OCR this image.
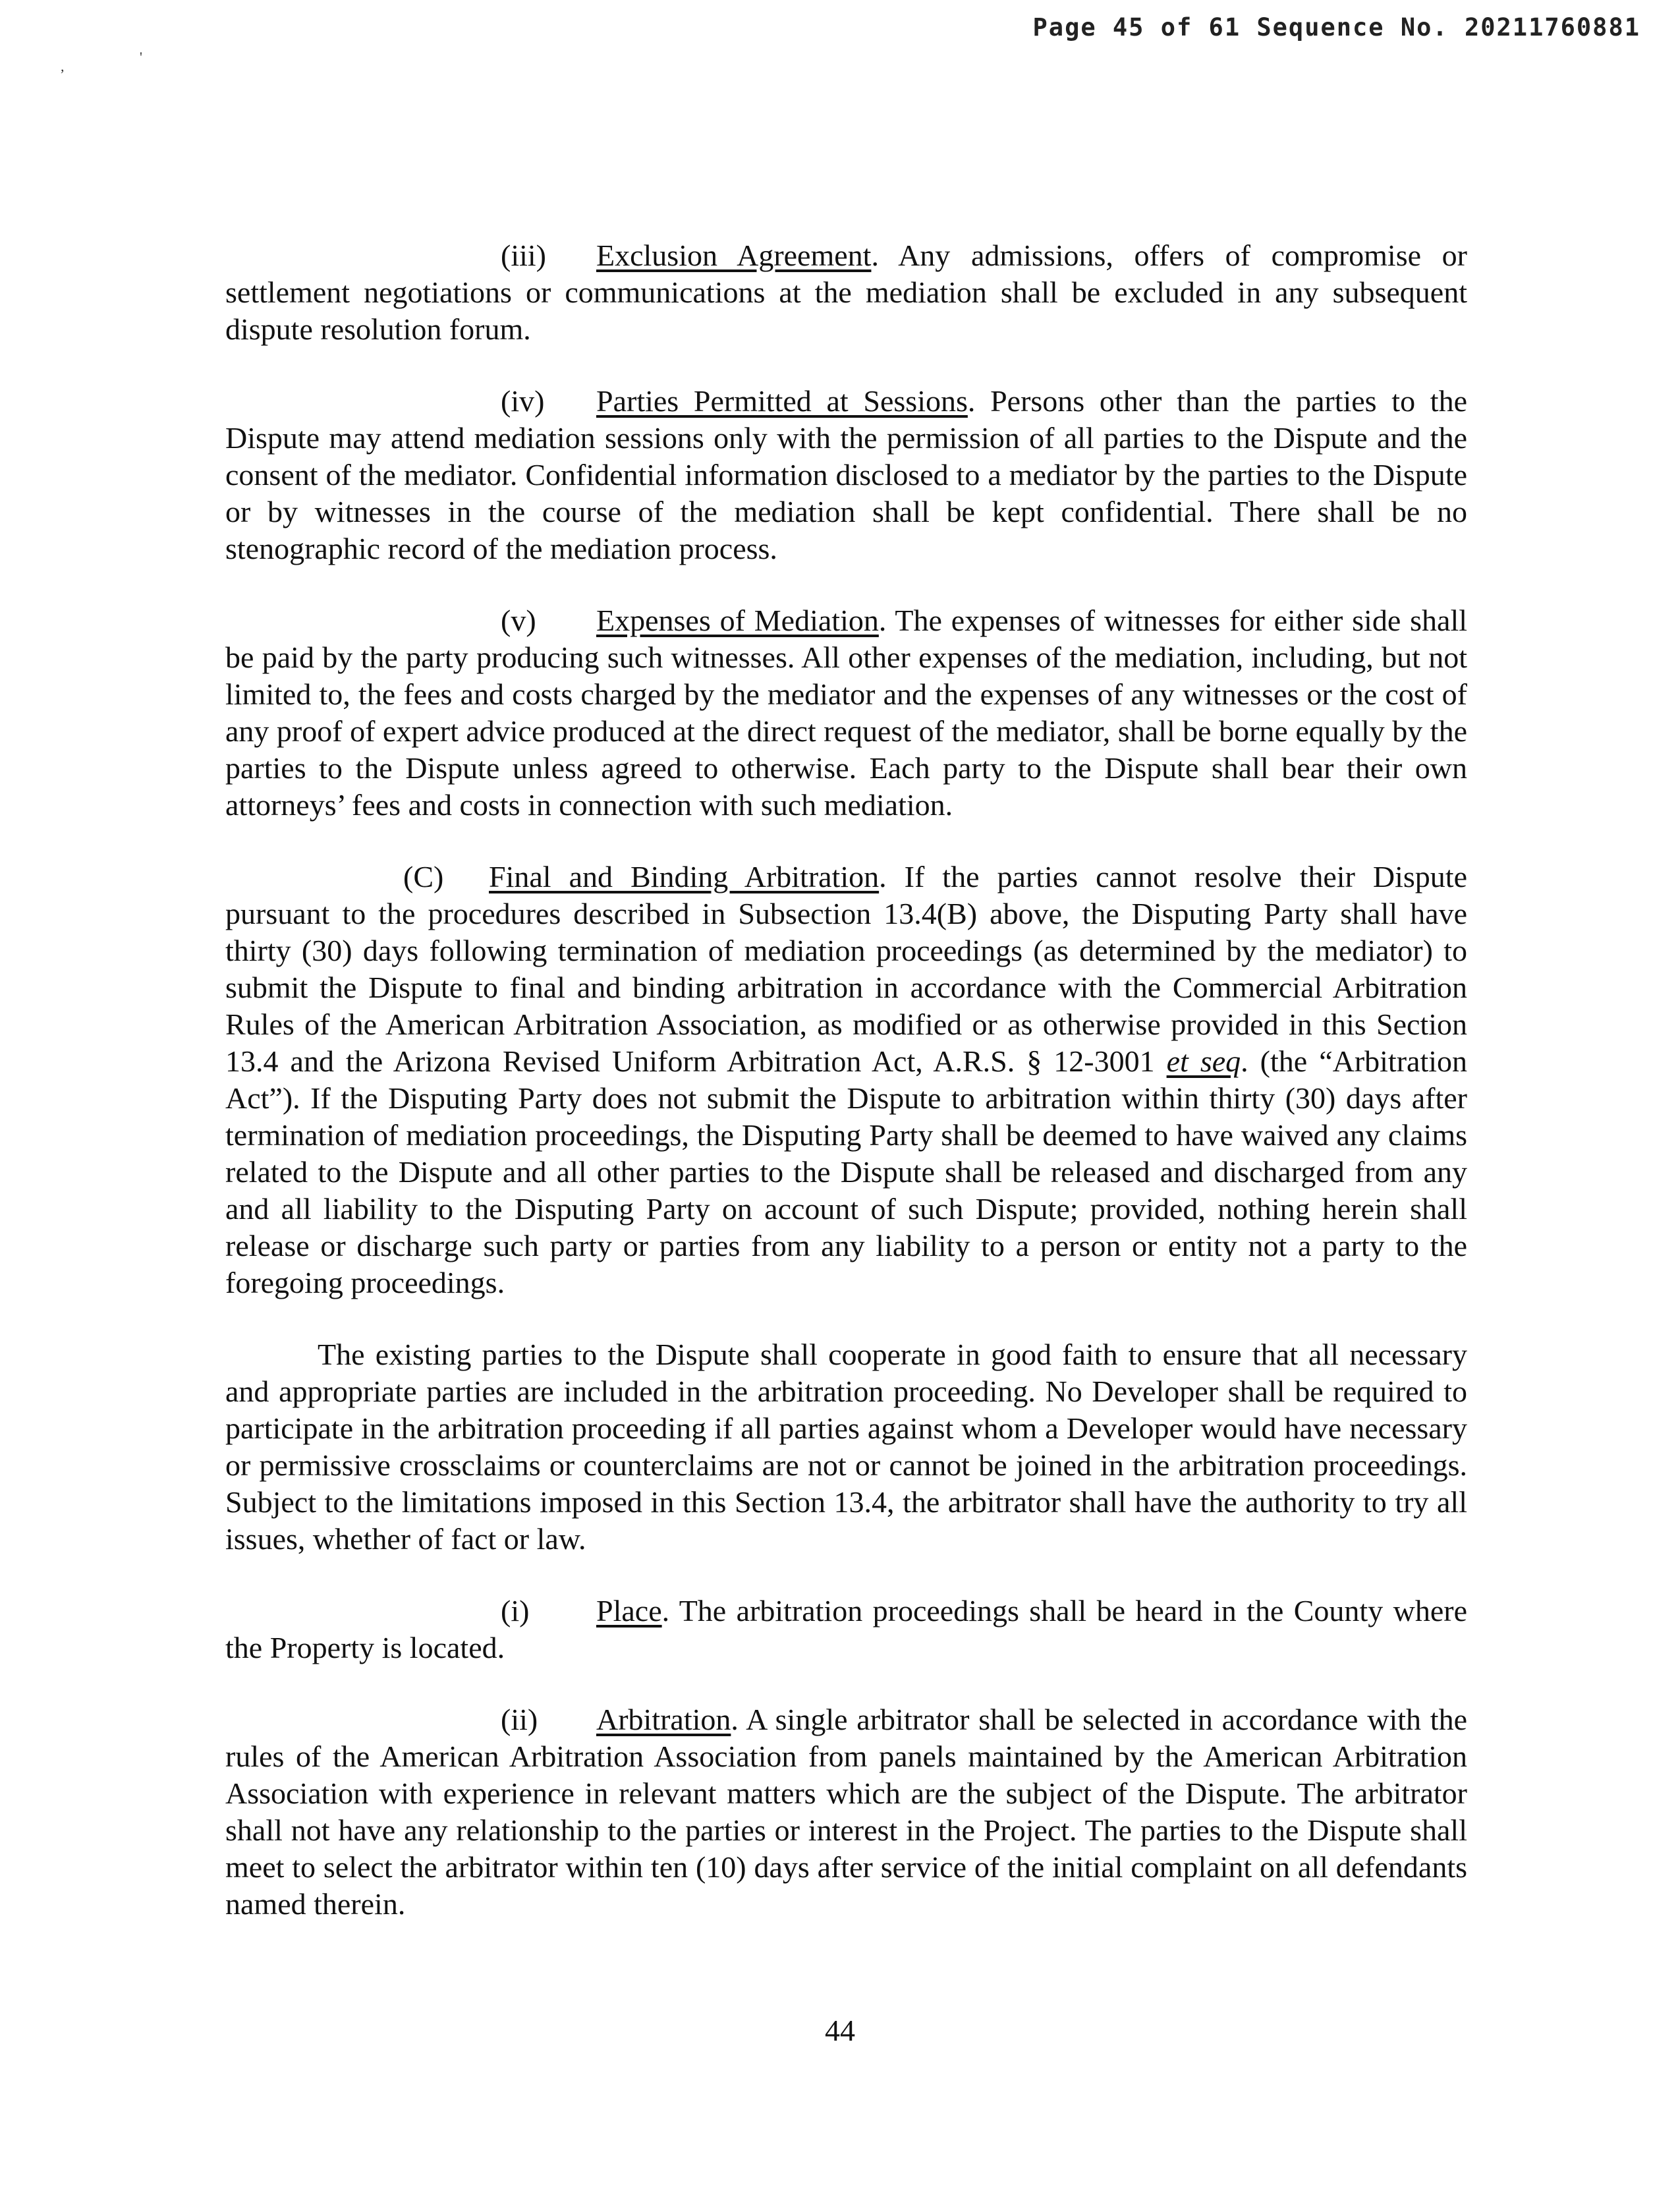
Page 45 of 61 Sequence No. 20211760881
,
'

(iii) Exclusion Agreement. Any admissions, offers of compromise or settlement negotiations or communications at the mediation shall be excluded in any subsequent dispute resolution forum.

(iv) Parties Permitted at Sessions. Persons other than the parties to the Dispute may attend mediation sessions only with the permission of all parties to the Dispute and the consent of the mediator. Confidential information disclosed to a mediator by the parties to the Dispute or by witnesses in the course of the mediation shall be kept confidential. There shall be no stenographic record of the mediation process.

(v) Expenses of Mediation. The expenses of witnesses for either side shall be paid by the party producing such witnesses. All other expenses of the mediation, including, but not limited to, the fees and costs charged by the mediator and the expenses of any witnesses or the cost of any proof of expert advice produced at the direct request of the mediator, shall be borne equally by the parties to the Dispute unless agreed to otherwise. Each party to the Dispute shall bear their own attorneys’ fees and costs in connection with such mediation.

(C) Final and Binding Arbitration. If the parties cannot resolve their Dispute pursuant to the procedures described in Subsection 13.4(B) above, the Disputing Party shall have thirty (30) days following termination of mediation proceedings (as determined by the mediator) to submit the Dispute to final and binding arbitration in accordance with the Commercial Arbitration Rules of the American Arbitration Association, as modified or as otherwise provided in this Section 13.4 and the Arizona Revised Uniform Arbitration Act, A.R.S. § 12-3001 et seq. (the “Arbitration Act”). If the Disputing Party does not submit the Dispute to arbitration within thirty (30) days after termination of mediation proceedings, the Disputing Party shall be deemed to have waived any claims related to the Dispute and all other parties to the Dispute shall be released and discharged from any and all liability to the Disputing Party on account of such Dispute; provided, nothing herein shall release or discharge such party or parties from any liability to a person or entity not a party to the foregoing proceedings.

The existing parties to the Dispute shall cooperate in good faith to ensure that all necessary and appropriate parties are included in the arbitration proceeding. No Developer shall be required to participate in the arbitration proceeding if all parties against whom a Developer would have necessary or permissive crossclaims or counterclaims are not or cannot be joined in the arbitration proceedings. Subject to the limitations imposed in this Section 13.4, the arbitrator shall have the authority to try all issues, whether of fact or law.

(i) Place. The arbitration proceedings shall be heard in the County where the Property is located.

(ii) Arbitration. A single arbitrator shall be selected in accordance with the rules of the American Arbitration Association from panels maintained by the American Arbitration Association with experience in relevant matters which are the subject of the Dispute. The arbitrator shall not have any relationship to the parties or interest in the Project. The parties to the Dispute shall meet to select the arbitrator within ten (10) days after service of the initial complaint on all defendants named therein.

44
